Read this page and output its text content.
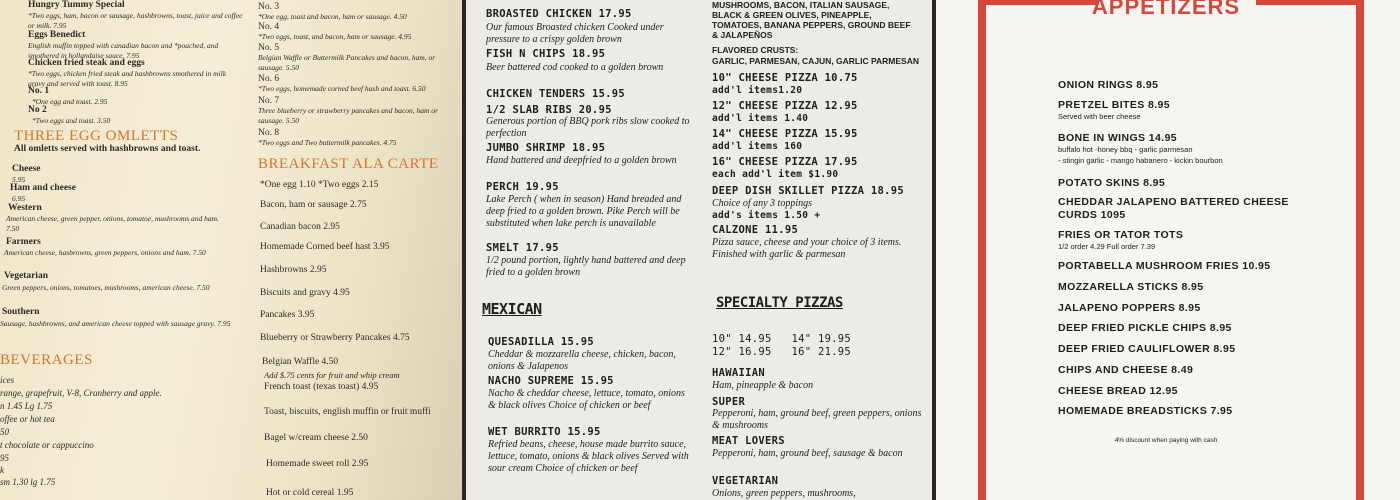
Hungry Tummy Special
*Two eggs, ham, bacon or sausage, hashbrowns, toast, juice and coffee or milk. 7.95
Eggs Benedict
English muffin topped with canadian bacon and *poached, and smothered in hollandaise sauce. 7.95
Chicken fried steak and eggs
*Two eggs, chicken fried steak and hashbrowns smothered in milk gravy and served with toast. 8.95
No. 1
*One egg and toast. 2.95
No 2
*Two eggs and toast. 3.50
THREE EGG OMLETTS
All omletts served with hashbrowns and toast.
Cheese
5.95
Ham and cheese
6.95
Western
American cheese, green pepper, onions, tomatoe, mushrooms and ham. 7.50
Farmers
American cheese, hasbrowns, green peppers, onions and ham. 7.50
Vegetarian
Green peppers, onions, tomatoes, mushrooms, american cheese. 7.50
Southern
Sausage, hashbrowns, and american cheese topped with sausage gravy. 7.95
BEVERAGES
ices
range, grapefruit, V-8, Cranberry and apple.
n 1.45 Lg 1.75
offee or hot tea
50
t chocolate or cappuccino
95
k
sm 1.30 lg 1.75
No. 3
*One egg, toast and bacon, ham or sausage. 4.50
No. 4
*Two eggs, toast, and bacon, ham or sausage. 4.95
No. 5
Belgian Waffle or Buttermilk Pancakes and bacon, ham, or sausage. 5.50
No. 6
*Two eggs, homemade corned beef hash and toast. 6.50
No. 7
Three blueberry or strawberry pancakes and bacon, ham or sausage. 5.50
No. 8
*Two eggs and Two buttermilk pancakes. 4.75
BREAKFAST ALA CARTE
*One egg 1.10 *Two eggs 2.15
Bacon, ham or sausage 2.75
Canadian bacon 2.95
Homemade Corned beef hast 3.95
Hashbrowns 2.95
Biscuits and gravy 4.95
Pancakes 3.95
Blueberry or Strawberry Pancakes 4.75
Belgian Waffle 4.50
Add $.75 cents for fruit and whip cream
French toast (texas toast) 4.95
Toast, biscuits, english muffin or fruit muffi
Bagel w/cream cheese 2.50
Homemade sweet roll 2.95
Hot or cold cereal 1.95
BROASTED CHICKEN 17.95
Our famous Broasted chicken Cooked under pressure to a crispy golden brown
FISH N CHIPS 18.95
Beer battered cod cooked to a golden brown
CHICKEN TENDERS 15.95
1/2 SLAB RIBS 20.95
Generous portion of BBQ pork ribs slow cooked to perfection
JUMBO SHRIMP 18.95
Hand battered and deepfried to a golden brown
PERCH 19.95
Lake Perch ( when in season) Hand breaded and deep fried to a golden brown. Pike Perch will be substituted when lake perch is unavailable
SMELT 17.95
1/2 pound portion, lightly hand battered and deep fried to a golden brown
MEXICAN
QUESADILLA 15.95
Cheddar & mozzarella cheese, chicken, bacon, onions & Jalapenos
NACHO SUPREME 15.95
Nacho & cheddar cheese, lettuce, tomato, onions & black olives Choice of chicken or beef
WET BURRITO 15.95
Refried beans, cheese, house made burrito sauce, lettuce, tomato, onions & black olives Served with sour cream Choice of chicken or beef
MUSHROOMS, BACON, ITALIAN SAUSAGE, BLACK & GREEN OLIVES, PINEAPPLE, TOMATOES, BANANA PEPPERS, GROUND BEEF & JALAPEÑOS
FLAVORED CRUSTS:
GARLIC, PARMESAN, CAJUN, GARLIC PARMESAN
10" CHEESE PIZZA 10.75
add'l items1.20
12" CHEESE PIZZA 12.95
add'l items 1.40
14" CHEESE PIZZA 15.95
add'l items 160
16" CHEESE PIZZA 17.95
each add'l item $1.90
DEEP DISH SKILLET PIZZA 18.95
Choice of any 3 toppings
add's items 1.50 +
CALZONE 11.95
Pizza sauce, cheese and your choice of 3 items. Finished with garlic & parmesan
SPECIALTY PIZZAS
10" 14.95   14" 19.95
12" 16.95   16" 21.95
HAWAIIAN
Ham, pineapple & bacon
SUPER
Pepperoni, ham, ground beef, green peppers, onions & mushrooms
MEAT LOVERS
Pepperoni, ham, ground beef, sausage & bacon
VEGETARIAN
Onions, green peppers, mushrooms,
APPETIZERS
ONION RINGS 8.95
PRETZEL BITES 8.95
Served with beer cheese
BONE IN WINGS 14.95
buffalo hot -honey bbq - garlic parmesan
- stingin garlic - mango habanero - kickin bourbon
POTATO SKINS 8.95
CHEDDAR JALAPENO BATTERED CHEESE
CURDS 1095
FRIES OR TATOR TOTS
1/2 order 4.29 Full order 7.39
PORTABELLA MUSHROOM FRIES 10.95
MOZZARELLA STICKS 8.95
JALAPENO POPPERS 8.95
DEEP FRIED PICKLE CHIPS 8.95
DEEP FRIED CAULIFLOWER 8.95
CHIPS AND CHEESE 8.49
CHEESE BREAD 12.95
HOMEMADE BREADSTICKS 7.95
4% discount when paying with cash
